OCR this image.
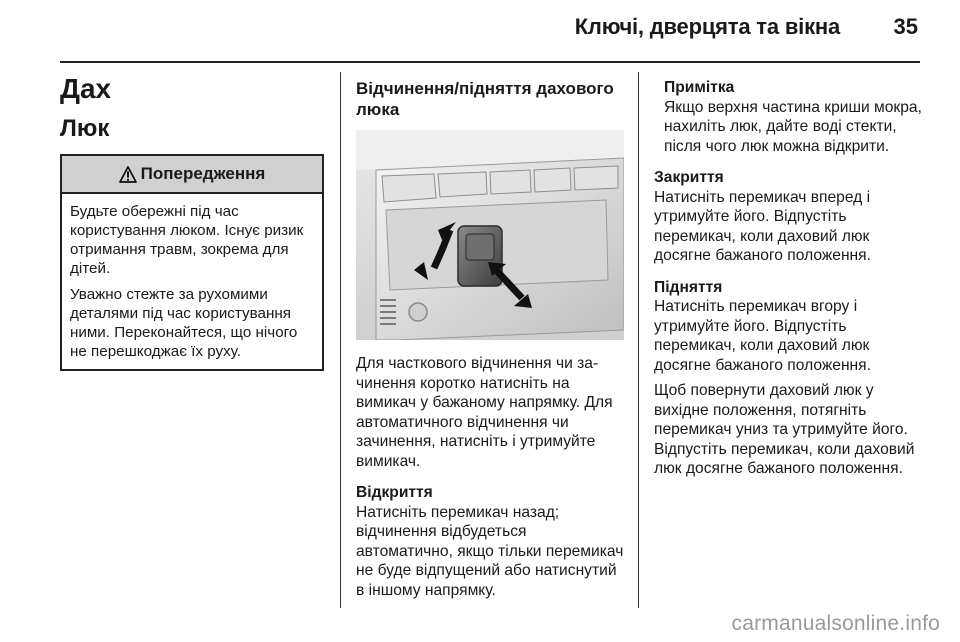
Ключі, дверцята та вікна 35
Дах
Люк
Попередження

Будьте обережні під час користування люком. Існує ризик отримання травм, зокрема для дітей.

Уважно стежте за рухомими деталями під час користування ними. Переконайтеся, що нічого не перешкоджає їх руху.

Відчинення/підняття дахового люка

Для часткового відчинення чи зачинення коротко натисніть на вимикач у бажаному напрямку. Для автоматичного відчинення чи зачинення, натисніть і утримуйте вимикач.

Відкриття
Натисніть перемикач назад; відчинення відбудеться автоматично, якщо тільки перемикач не буде відпущений або натиснутий в іншому напрямку.

Примітка
Якщо верхня частина криши мокра, нахиліть люк, дайте воді стекти, після чого люк можна відкрити.

Закриття
Натисніть перемикач вперед і утримуйте його. Відпустіть перемикач, коли даховий люк досягне бажаного положення.

Підняття
Натисніть перемикач вгору і утримуйте його. Відпустіть перемикач, коли даховий люк досягне бажаного положення.

Щоб повернути даховий люк у вихідне положення, потягніть перемикач униз та утримуйте його. Відпустіть перемикач, коли даховий люк досягне бажаного положення.

carmanualsonline.info
